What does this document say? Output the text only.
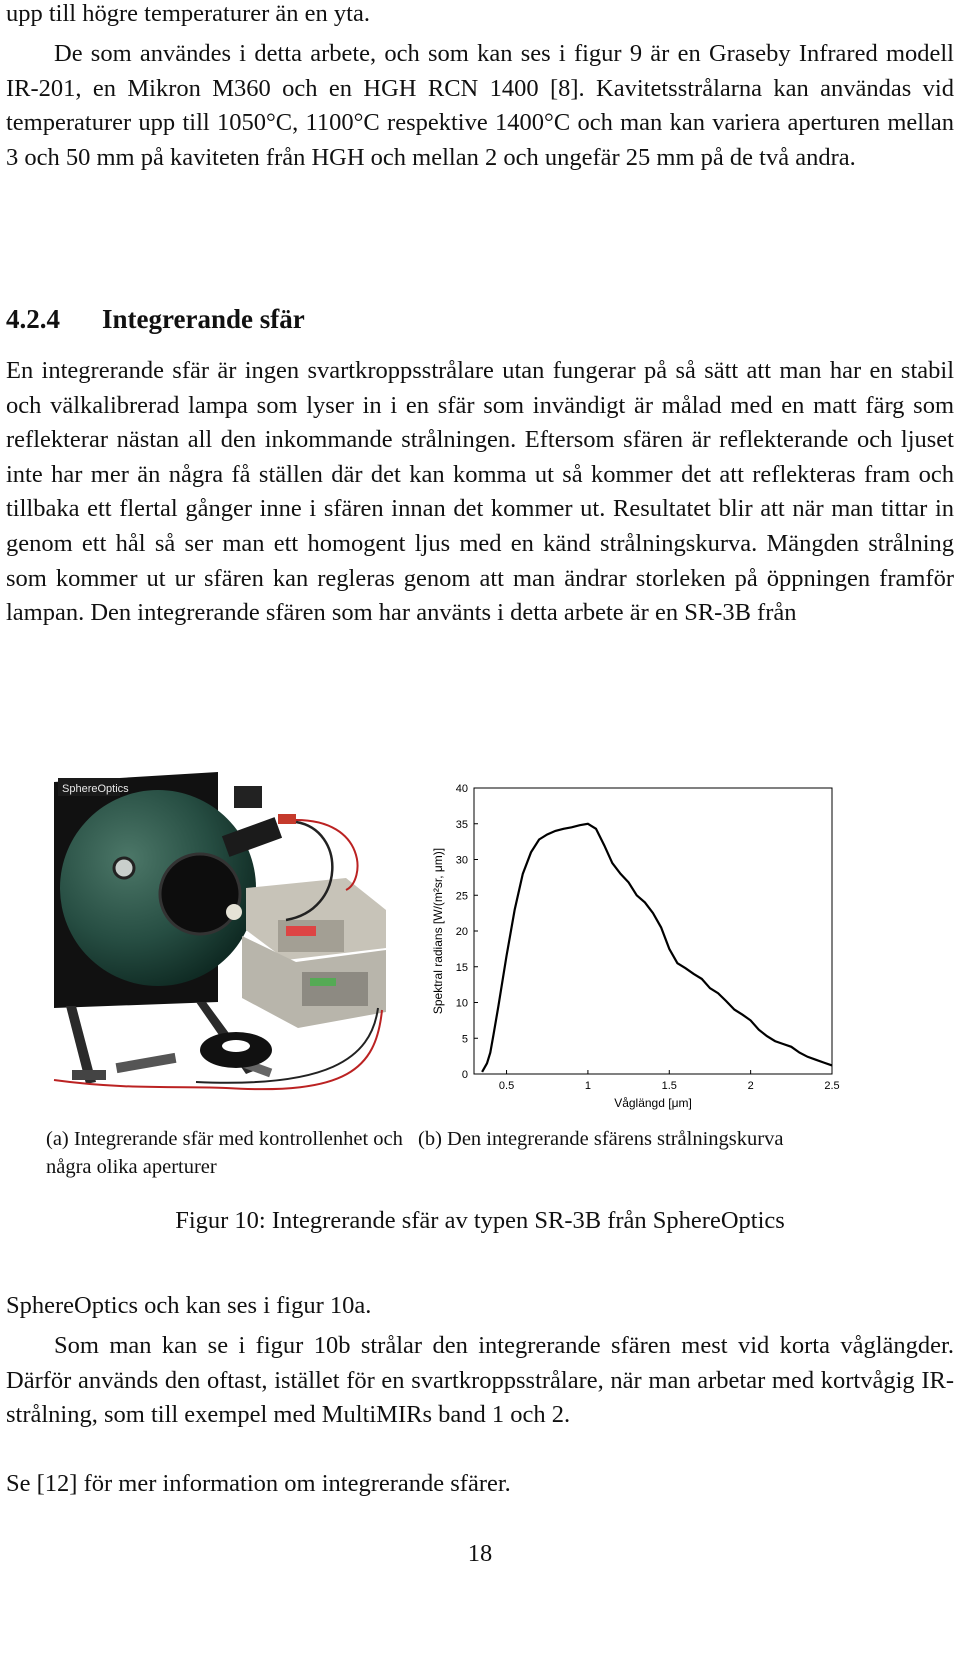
upp till högre temperaturer än en yta.

De som användes i detta arbete, och som kan ses i figur 9 är en Graseby Infrared modell IR-201, en Mikron M360 och en HGH RCN 1400 [8]. Kavitetsstrålarna kan användas vid temperaturer upp till 1050°C, 1100°C respektive 1400°C och man kan variera aperturen mellan 3 och 50 mm på kaviteten från HGH och mellan 2 och ungefär 25 mm på de två andra.

4.2.4 Integrerande sfär

En integrerande sfär är ingen svartkroppsstrålare utan fungerar på så sätt att man har en stabil och välkalibrerad lampa som lyser in i en sfär som invändigt är målad med en matt färg som reflekterar nästan all den inkommande strålningen. Eftersom sfären är reflekterande och ljuset inte har mer än några få ställen där det kan komma ut så kommer det att reflekteras fram och tillbaka ett flertal gånger inne i sfären innan det kommer ut. Resultatet blir att när man tittar in genom ett hål så ser man ett homogent ljus med en känd strålningskurva. Mängden strålning som kommer ut ur sfären kan regleras genom att man ändrar storleken på öppningen framför lampan. Den integrerande sfären som har använts i detta arbete är en SR-3B från

SphereOptics
0
5
10
15
20
25
30
35
40
0.5	1	1.5	2	2.5
Våglängd [μm]
Spektral radians [W/(m²sr, μm)]
(a) Integrerande sfär med kontrollenhet och några olika aperturer
(b) Den integrerande sfärens strålningskurva
Figur 10: Integrerande sfär av typen SR-3B från SphereOptics

SphereOptics och kan ses i figur 10a.

Som man kan se i figur 10b strålar den integrerande sfären mest vid korta våglängder. Därför används den oftast, istället för en svartkroppsstrålare, när man arbetar med kortvågig IR-strålning, som till exempel med MultiMIRs band 1 och 2.

Se [12] för mer information om integrerande sfärer.

18
